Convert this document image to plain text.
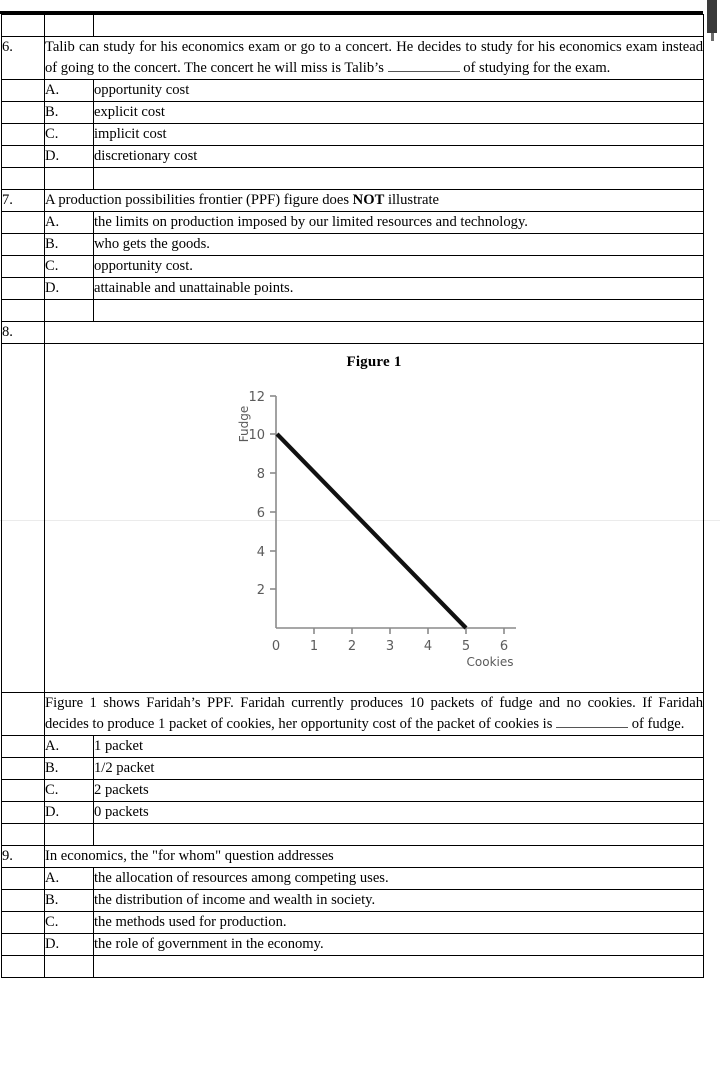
6.	Talib can study for his economics exam or go to a concert. He decides to study for his economics exam instead of going to the concert. The concert he will miss is Talib’s of studying for the exam.	
	A.	opportunity cost
	B.	explicit cost
	C.	implicit cost
	D.	discretionary cost

7.	A production possibilities frontier (PPF) figure does NOT illustrate	
	A.	the limits on production imposed by our limited resources and technology.
	B.	who gets the goods.
	C.	opportunity cost.
	D.	attainable and unattainable points.

8.		

Figure 1
12
10
8
6
4
2
0 1 2 3 4 5 6
Cookies
Fudge

	Figure 1 shows Faridah’s PPF. Faridah currently produces 10 packets of fudge and no cookies. If Faridah decides to produce 1 packet of cookies, her opportunity cost of the packet of cookies is of fudge.	
	A.	1 packet
	B.	1/2 packet
	C.	2 packets
	D.	0 packets

9.	In economics, the "for whom" question addresses	
	A.	the allocation of resources among competing uses.
	B.	the distribution of income and wealth in society.
	C.	the methods used for production.
	D.	the role of government in the economy.
